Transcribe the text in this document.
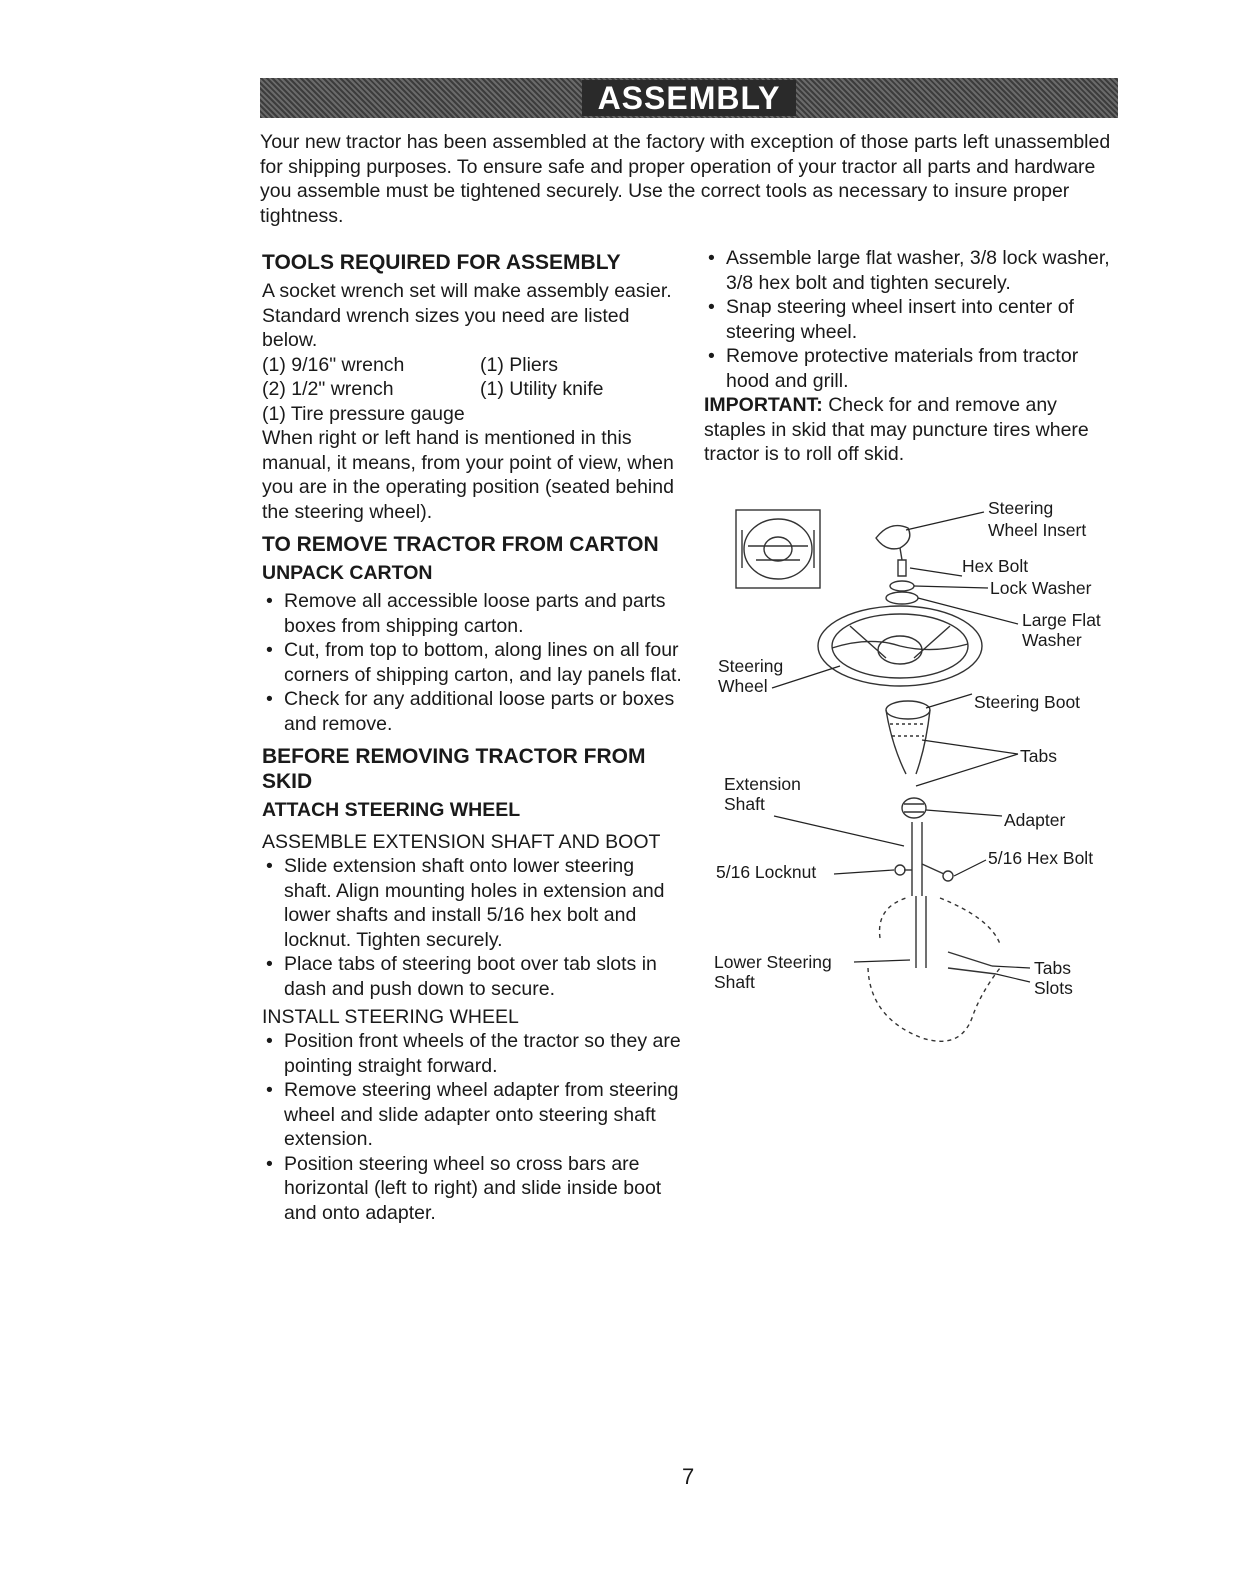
ASSEMBLY

Your new tractor has been assembled at the factory with exception of those parts left unassembled for shipping purposes. To ensure safe and proper operation of your tractor all parts and hardware you assemble must be tightened securely. Use the correct tools as necessary to insure proper tightness.

TOOLS REQUIRED FOR ASSEMBLY

A socket wrench set will make assembly easier. Standard wrench sizes you need are listed below.

(1) 9/16" wrench	(1) Pliers
(2) 1/2" wrench	(1) Utility knife

(1) Tire pressure gauge

When right or left hand is mentioned in this manual, it means, from your point of view, when you are in the operating position (seated behind the steering wheel).

TO REMOVE TRACTOR FROM CARTON
UNPACK CARTON
• Remove all accessible loose parts and parts boxes from shipping carton.
• Cut, from top to bottom, along lines on all four corners of shipping carton, and lay panels flat.
• Check for any additional loose parts or boxes and remove.
BEFORE REMOVING TRACTOR FROM SKID
ATTACH STEERING WHEEL
ASSEMBLE EXTENSION SHAFT AND BOOT
• Slide extension shaft onto lower steering shaft. Align mounting holes in extension and lower shafts and install 5/16 hex bolt and locknut. Tighten securely.
• Place tabs of steering boot over tab slots in dash and push down to secure.
INSTALL STEERING WHEEL
• Position front wheels of the tractor so they are pointing straight forward.
• Remove steering wheel adapter from steering wheel and slide adapter onto steering shaft extension.
• Position steering wheel so cross bars are horizontal (left to right) and slide inside boot and onto adapter.
• Assemble large flat washer, 3/8 lock washer, 3/8 hex bolt and tighten securely.
• Snap steering wheel insert into center of steering wheel.
• Remove protective materials from tractor hood and grill.

IMPORTANT: Check for and remove any staples in skid that may puncture tires where tractor is to roll off skid.

Steering
Wheel Insert
Hex Bolt
Lock Washer
Large Flat
Washer
Steering
Wheel
Steering Boot
Tabs
Extension
Shaft
Adapter
5/16 Hex Bolt
5/16 Locknut
Lower Steering
Shaft
Tabs
Slots
7
